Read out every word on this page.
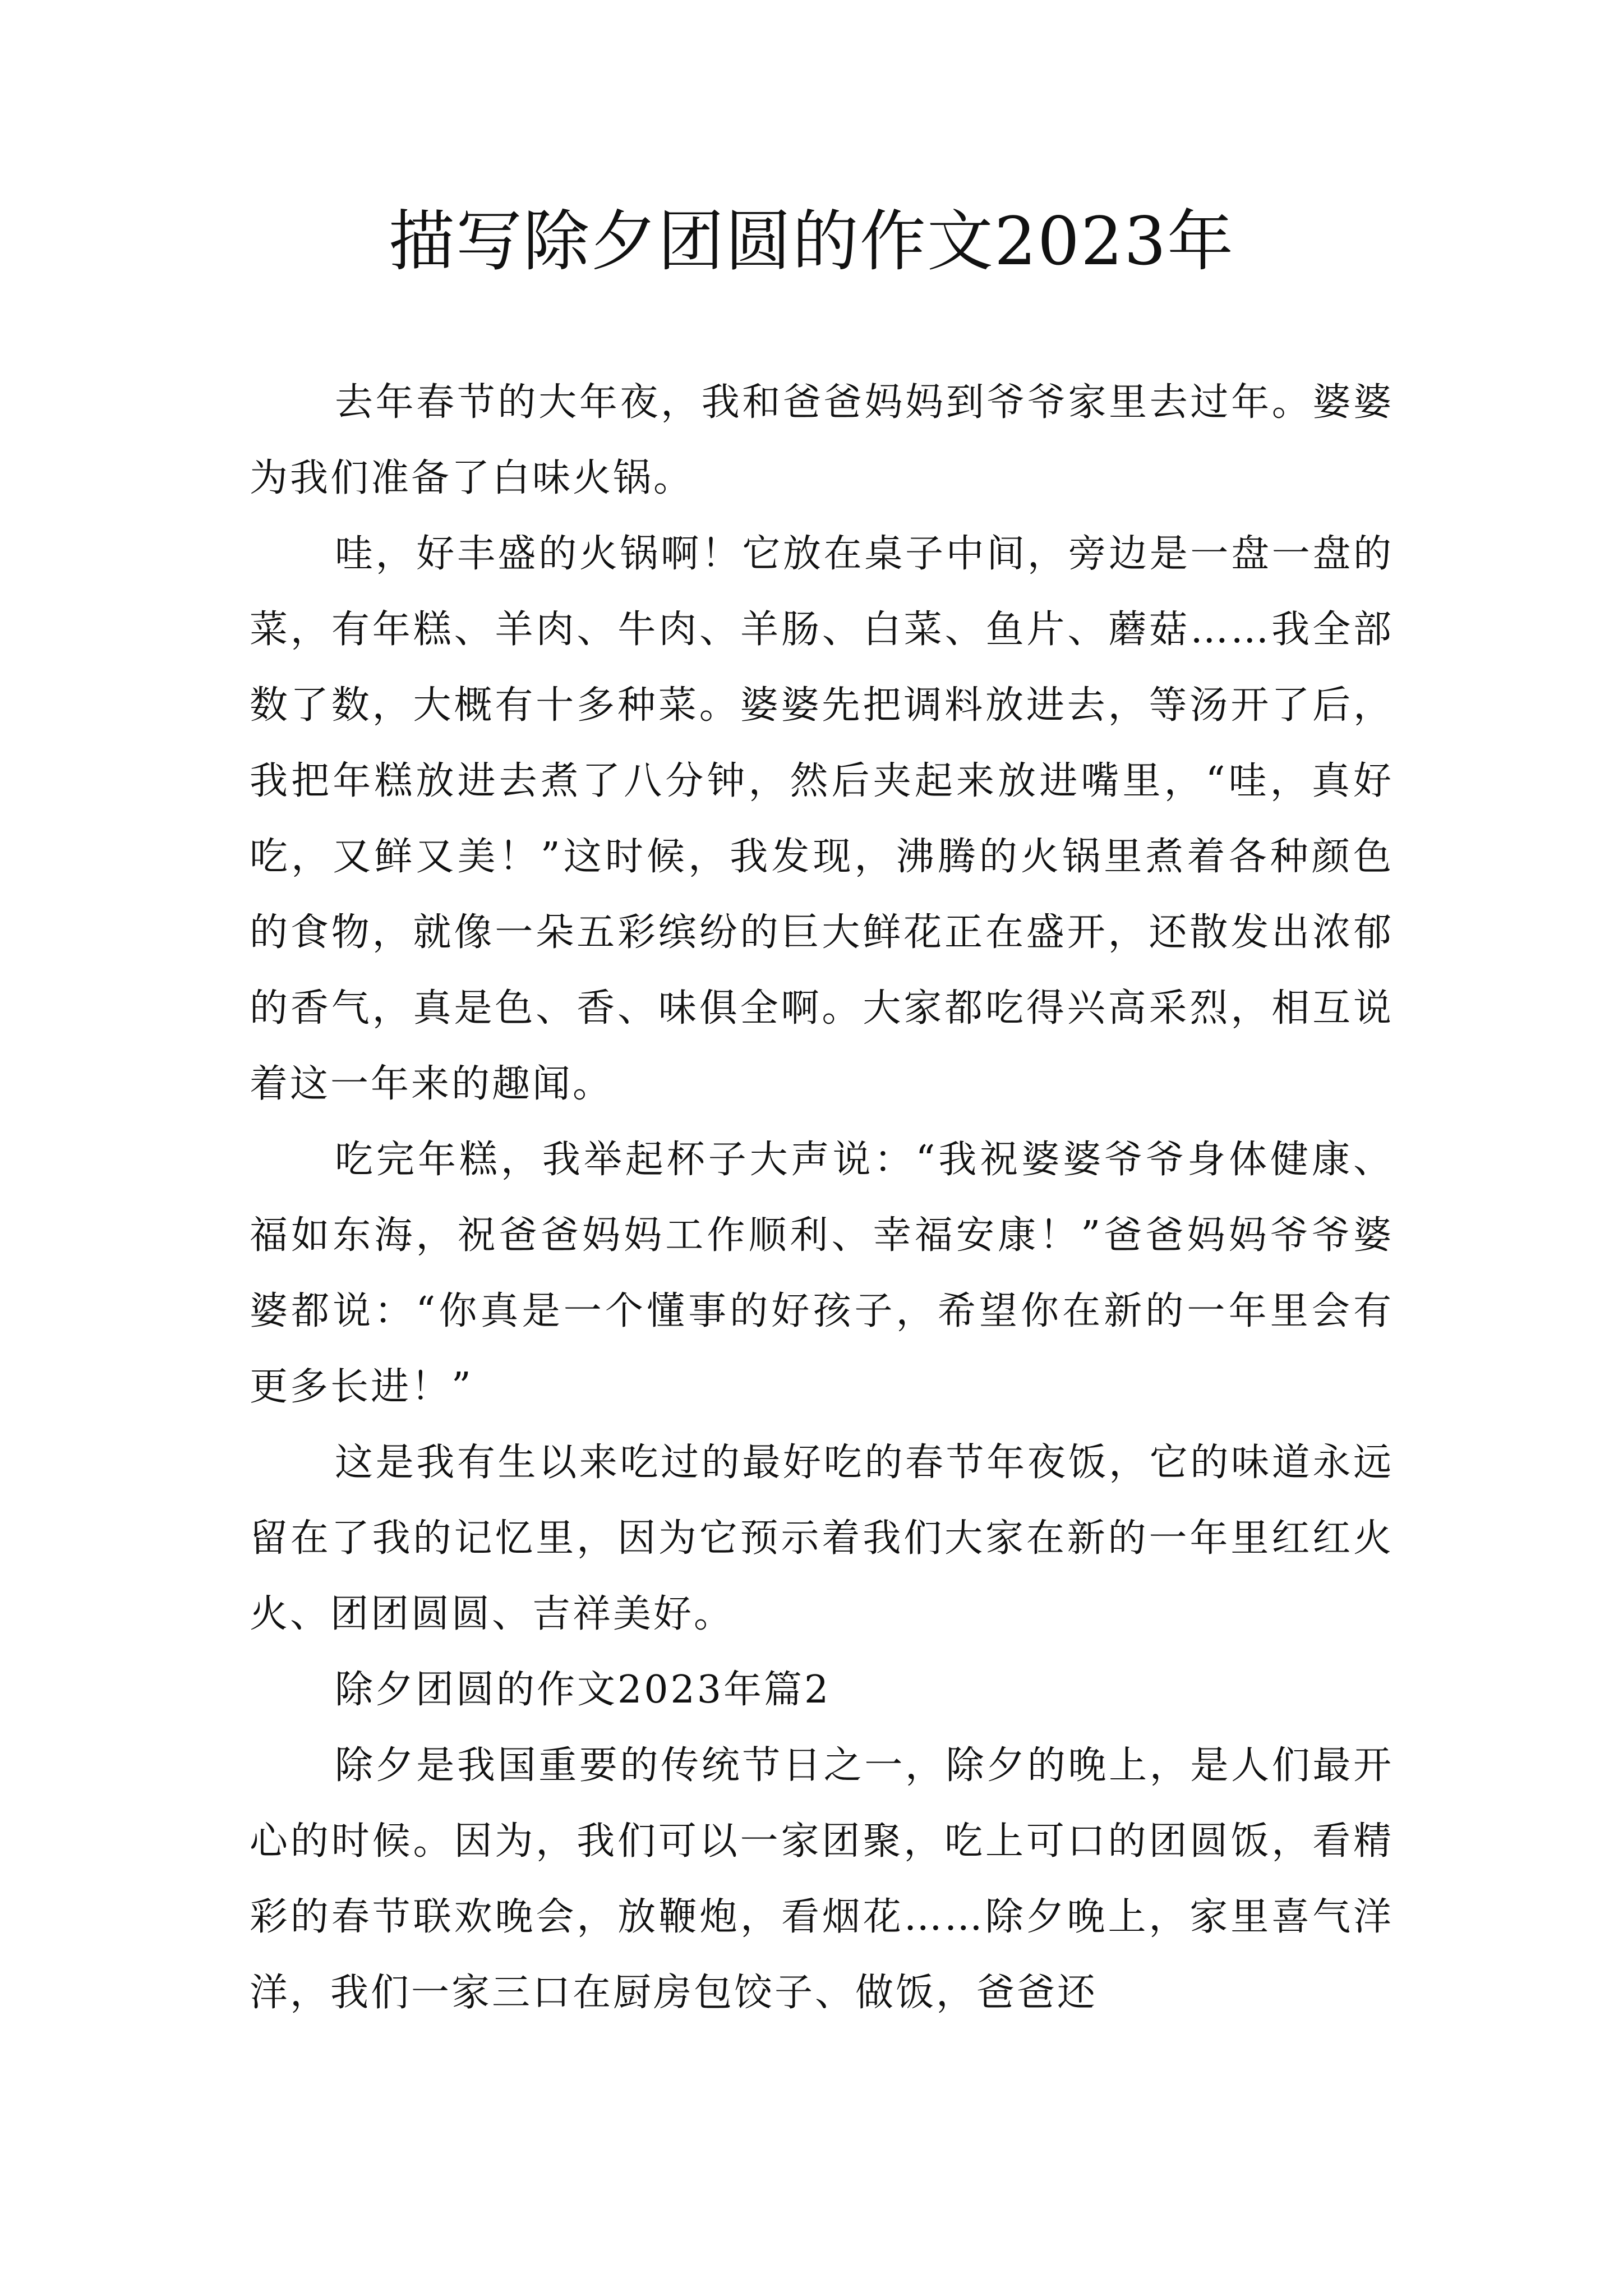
描写除夕团圆的作文2023年

去年春节的大年夜，我和爸爸妈妈到爷爷家里去过年。婆婆为我们准备了白味火锅。

哇，好丰盛的火锅啊！它放在桌子中间，旁边是一盘一盘的菜，有年糕、羊肉、牛肉、羊肠、白菜、鱼片、蘑菇……我全部数了数，大概有十多种菜。婆婆先把调料放进去，等汤开了后，我把年糕放进去煮了八分钟，然后夹起来放进嘴里，“哇，真好吃，又鲜又美！”这时候，我发现，沸腾的火锅里煮着各种颜色的食物，就像一朵五彩缤纷的巨大鲜花正在盛开，还散发出浓郁的香气，真是色、香、味俱全啊。大家都吃得兴高采烈，相互说着这一年来的趣闻。

吃完年糕，我举起杯子大声说：“我祝婆婆爷爷身体健康、福如东海，祝爸爸妈妈工作顺利、幸福安康！”爸爸妈妈爷爷婆婆都说：“你真是一个懂事的好孩子，希望你在新的一年里会有更多长进！”

这是我有生以来吃过的最好吃的春节年夜饭，它的味道永远留在了我的记忆里，因为它预示着我们大家在新的一年里红红火火、团团圆圆、吉祥美好。

除夕团圆的作文2023年篇2

除夕是我国重要的传统节日之一，除夕的晚上，是人们最开心的时候。因为，我们可以一家团聚，吃上可口的团圆饭，看精彩的春节联欢晚会，放鞭炮，看烟花……除夕晚上，家里喜气洋洋，我们一家三口在厨房包饺子、做饭，爸爸还
